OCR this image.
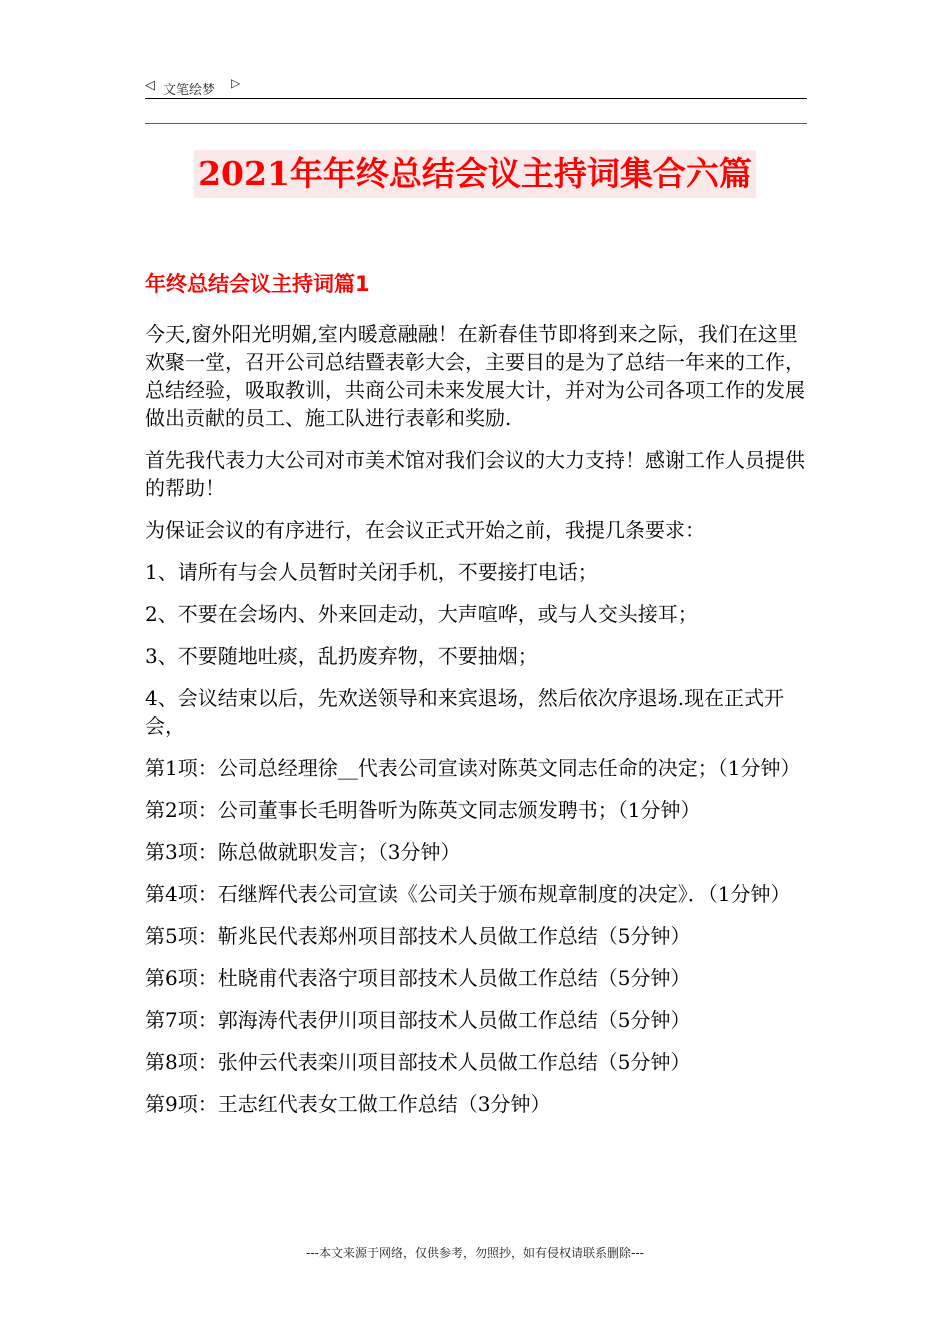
◁ 文笔绘梦 ▷
2021年年终总结会议主持词集合六篇
年终总结会议主持词篇1

今天,窗外阳光明媚,室内暖意融融！在新春佳节即将到来之际，我们在这里欢聚一堂，召开公司总结暨表彰大会，主要目的是为了总结一年来的工作，总结经验，吸取教训，共商公司未来发展大计，并对为公司各项工作的发展做出贡献的员工、施工队进行表彰和奖励.

首先我代表力大公司对市美术馆对我们会议的大力支持！感谢工作人员提供的帮助！

为保证会议的有序进行，在会议正式开始之前，我提几条要求：

1、请所有与会人员暂时关闭手机，不要接打电话；

2、不要在会场内、外来回走动，大声喧哗，或与人交头接耳；

3、不要随地吐痰，乱扔废弃物，不要抽烟；

4、会议结束以后，先欢送领导和来宾退场，然后依次序退场.现在正式开会，

第1项：公司总经理徐__代表公司宣读对陈英文同志任命的决定；（1分钟）

第2项：公司董事长毛明昝听为陈英文同志颁发聘书；（1分钟）

第3项：陈总做就职发言；（3分钟）

第4项：石继辉代表公司宣读《公司关于颁布规章制度的决定》．（1分钟）

第5项：靳兆民代表郑州项目部技术人员做工作总结（5分钟）

第6项：杜晓甫代表洛宁项目部技术人员做工作总结（5分钟）

第7项：郭海涛代表伊川项目部技术人员做工作总结（5分钟）

第8项：张仲云代表栾川项目部技术人员做工作总结（5分钟）

第9项：王志红代表女工做工作总结（3分钟）

---本文来源于网络，仅供参考，勿照抄，如有侵权请联系删除---
